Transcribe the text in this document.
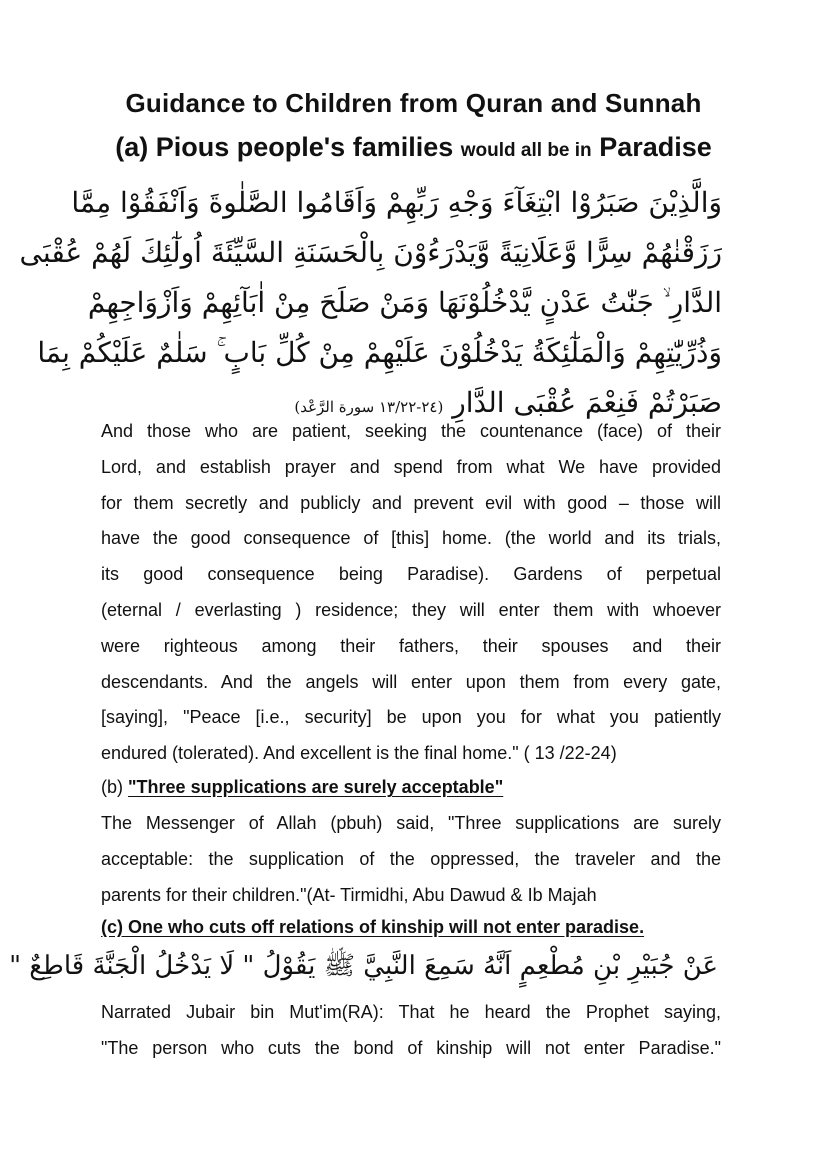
Guidance to Children from Quran and Sunnah
(a) Pious people's families would all be in Paradise
وَالَّذِيْنَ صَبَرُوْا ابْتِغَآءَ وَجْهِ رَبِّهِمْ وَاَقَامُوا الصَّلٰوةَ وَاَنْفَقُوْا مِمَّا
رَزَقْنٰهُمْ سِرًّا وَّعَلَانِيَةً وَّيَدْرَءُوْنَ بِالْحَسَنَةِ السَّيِّئَةَ اُولٰٓئِكَ لَهُمْ عُقْبَى
الدَّارِ ۙ جَنّٰتُ عَدْنٍ يَّدْخُلُوْنَهَا وَمَنْ صَلَحَ مِنْ اٰبَآئِهِمْ وَاَزْوَاجِهِمْ
وَذُرِّيّٰتِهِمْ وَالْمَلٰٓئِكَةُ يَدْخُلُوْنَ عَلَيْهِمْ مِنْ كُلِّ بَابٍ ۚ سَلٰمٌ عَلَيْكُمْ بِمَا
صَبَرْتُمْ فَنِعْمَ عُقْبَى الدَّارِ (٢٤-١٣/٢٢ سورة الرَّعْد)
And those who are patient, seeking the countenance (face) of their
Lord, and establish prayer and spend from what We have provided
for them secretly and publicly and prevent evil with good – those will
have the good consequence of [this] home. (the world and its trials,
its good consequence being Paradise). Gardens of perpetual
(eternal / everlasting ) residence; they will enter them with whoever
were righteous among their fathers, their spouses and their
descendants. And the angels will enter upon them from every gate,
[saying], "Peace [i.e., security] be upon you for what you patiently
endured (tolerated). And excellent is the final home." ( 13 /22-24)
(b) "Three supplications are surely acceptable"
The Messenger of Allah (pbuh) said, "Three supplications are surely
acceptable: the supplication of the oppressed, the traveler and the
parents for their children."(At- Tirmidhi, Abu Dawud & Ib Majah
(c) One who cuts off relations of kinship will not enter paradise.
عَنْ جُبَيْرِ بْنِ مُطْعِمٍ اَنَّهُ سَمِعَ النَّبِيَّ ﷺ يَقُوْلُ " لَا يَدْخُلُ الْجَنَّةَ قَاطِعٌ "
Narrated Jubair bin Mut'im(RA): That he heard the Prophet saying,
"The person who cuts the bond of kinship will not enter Paradise."
